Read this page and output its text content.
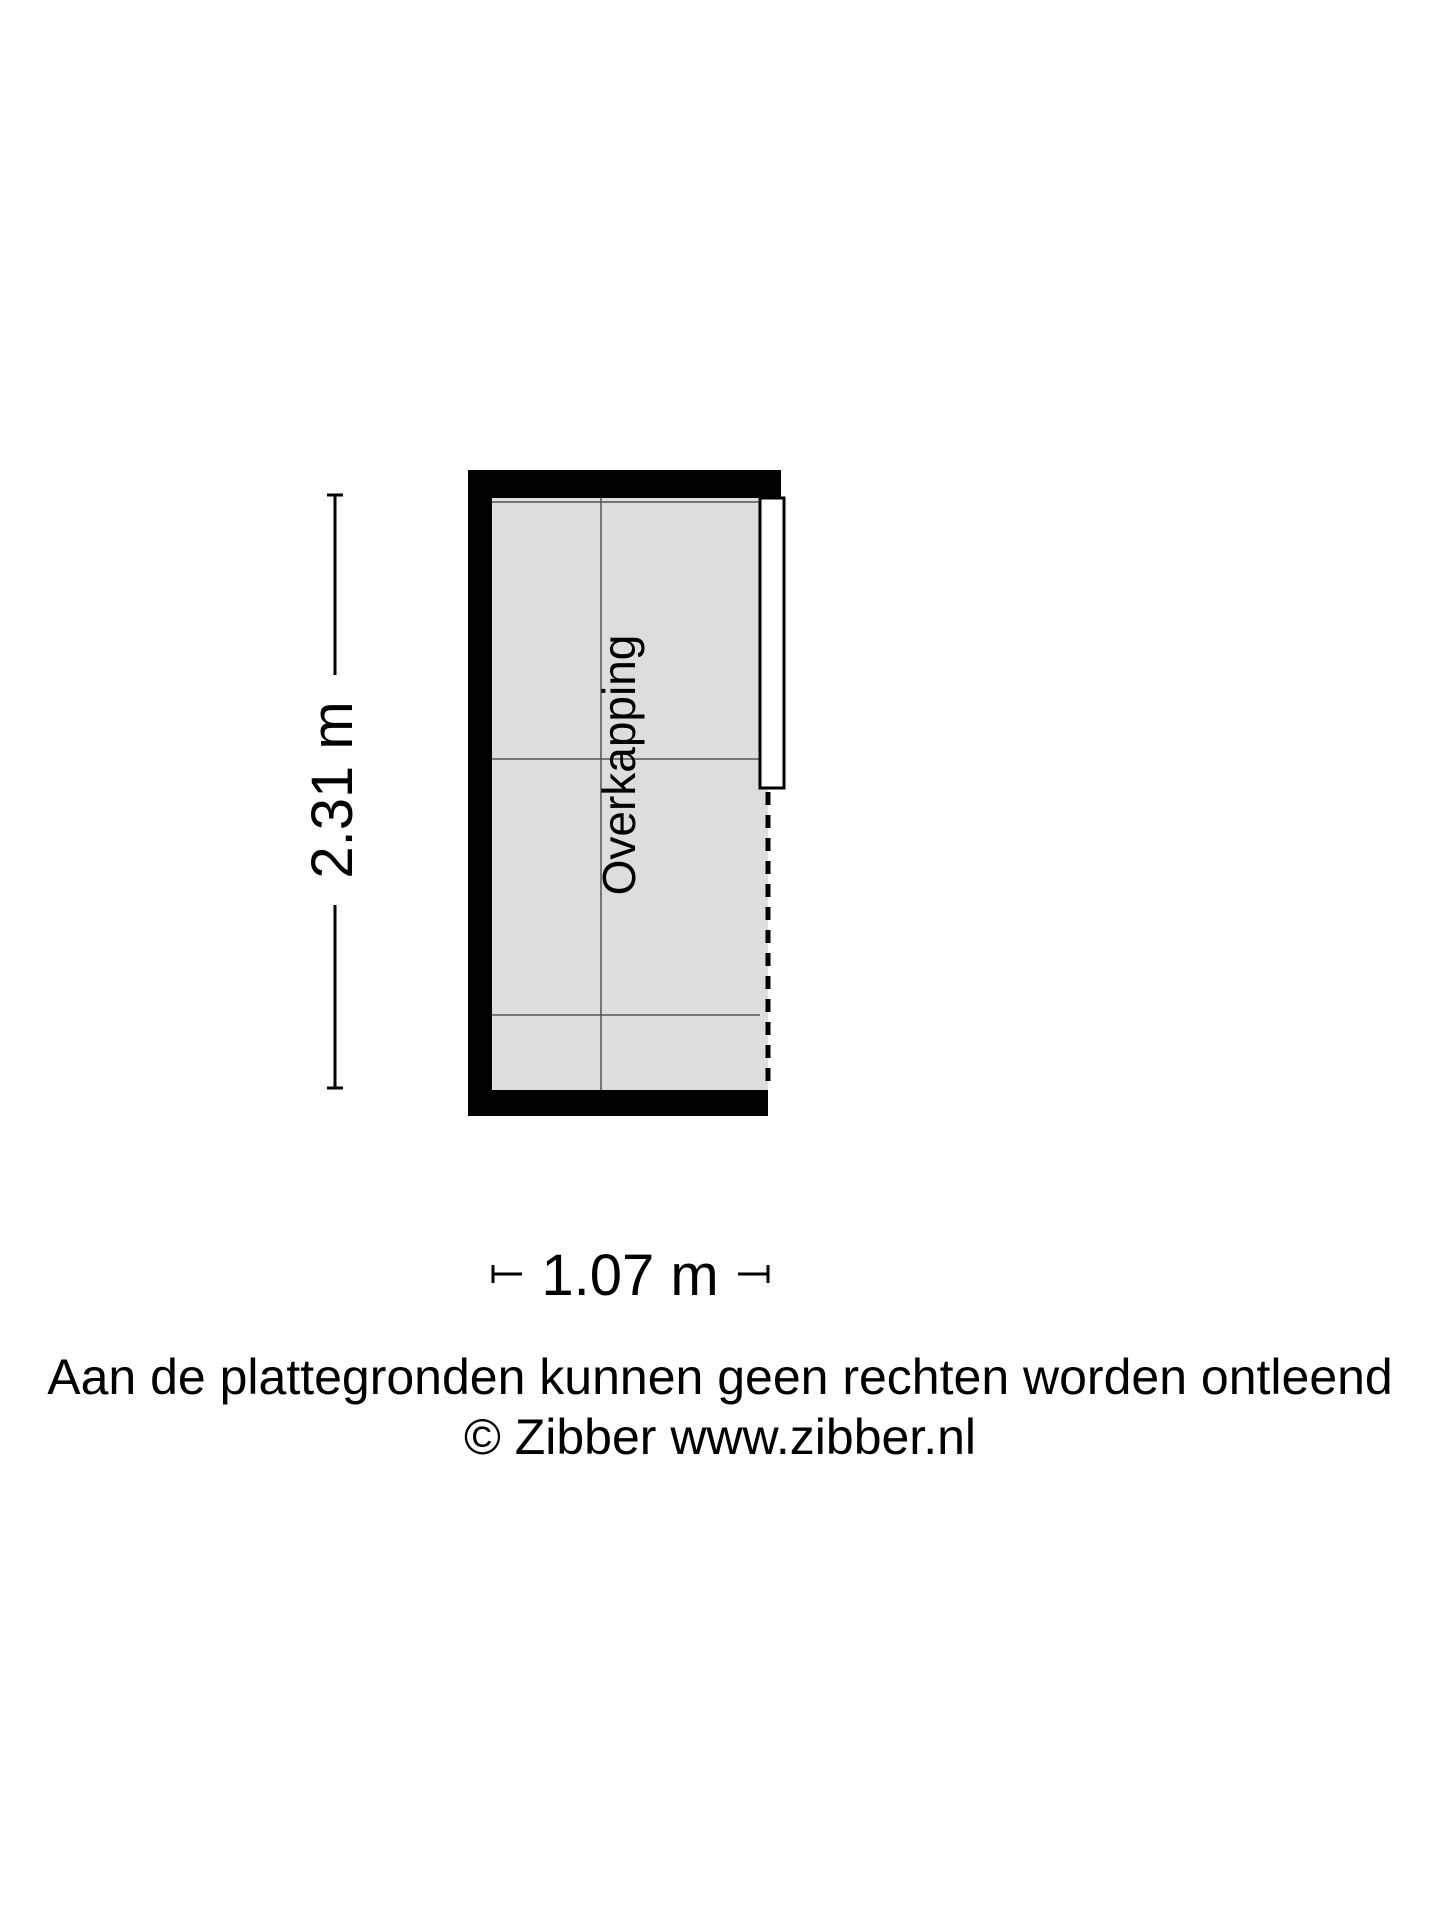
Overkapping
2.31 m
1.07 m
Aan de plattegronden kunnen geen rechten worden ontleend
© Zibber www.zibber.nl
